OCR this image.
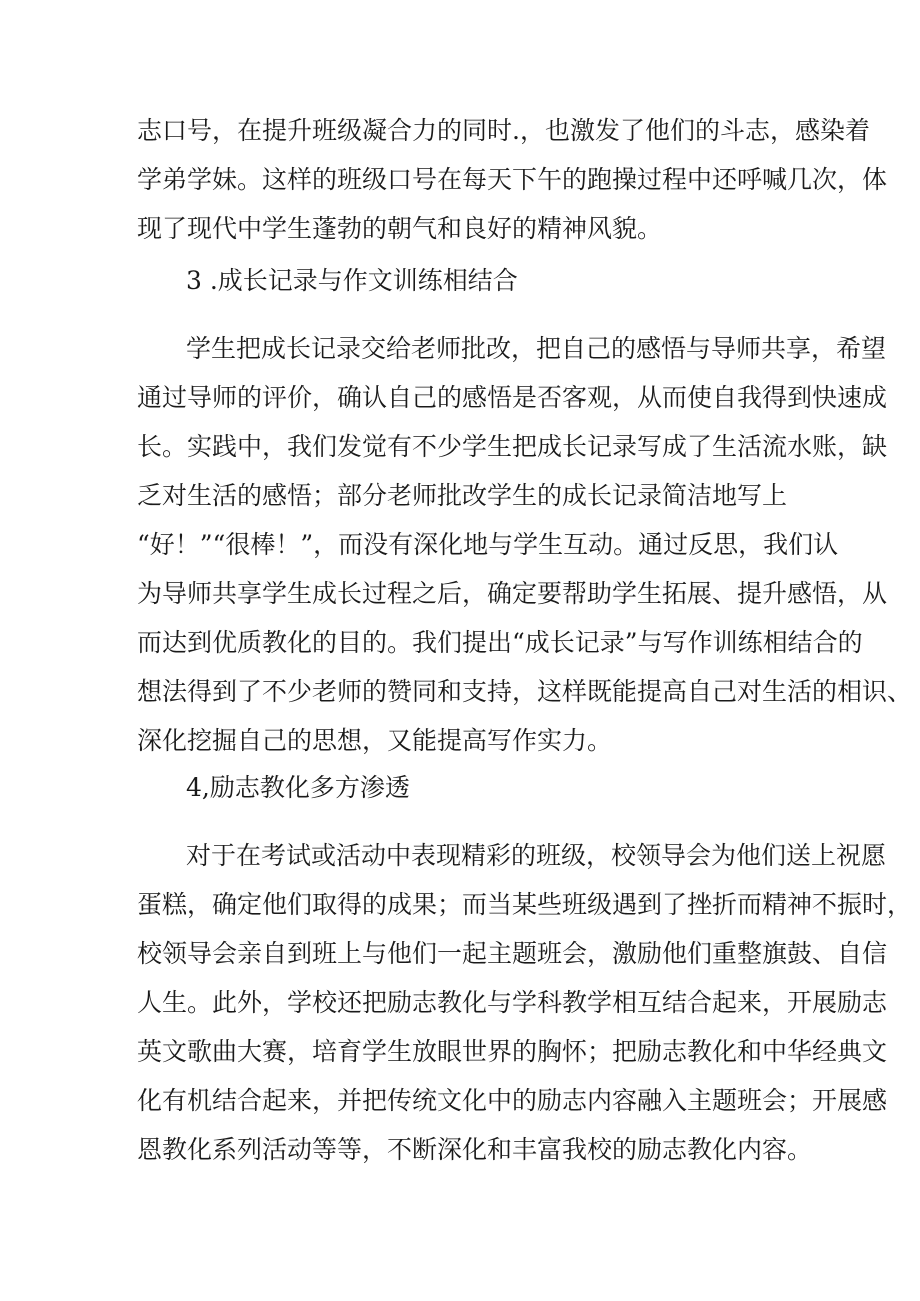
志口号，在提升班级凝合力的同时.，也激发了他们的斗志，感染着
学弟学妹。这样的班级口号在每天下午的跑操过程中还呼喊几次，体
现了现代中学生蓬勃的朝气和良好的精神风貌。
3 .成长记录与作文训练相结合
学生把成长记录交给老师批改，把自己的感悟与导师共享，希望
通过导师的评价，确认自己的感悟是否客观，从而使自我得到快速成
长。实践中，我们发觉有不少学生把成长记录写成了生活流水账，缺
乏对生活的感悟；部分老师批改学生的成长记录简洁地写上
“好！”“很棒！”，而没有深化地与学生互动。通过反思，我们认
为导师共享学生成长过程之后，确定要帮助学生拓展、提升感悟，从
而达到优质教化的目的。我们提出“成长记录”与写作训练相结合的
想法得到了不少老师的赞同和支持，这样既能提高自己对生活的相识、
深化挖掘自己的思想，又能提高写作实力。
4,励志教化多方渗透
对于在考试或活动中表现精彩的班级，校领导会为他们送上祝愿
蛋糕，确定他们取得的成果；而当某些班级遇到了挫折而精神不振时，
校领导会亲自到班上与他们一起主题班会，激励他们重整旗鼓、自信
人生。此外，学校还把励志教化与学科教学相互结合起来，开展励志
英文歌曲大赛，培育学生放眼世界的胸怀；把励志教化和中华经典文
化有机结合起来，并把传统文化中的励志内容融入主题班会；开展感
恩教化系列活动等等，不断深化和丰富我校的励志教化内容。
